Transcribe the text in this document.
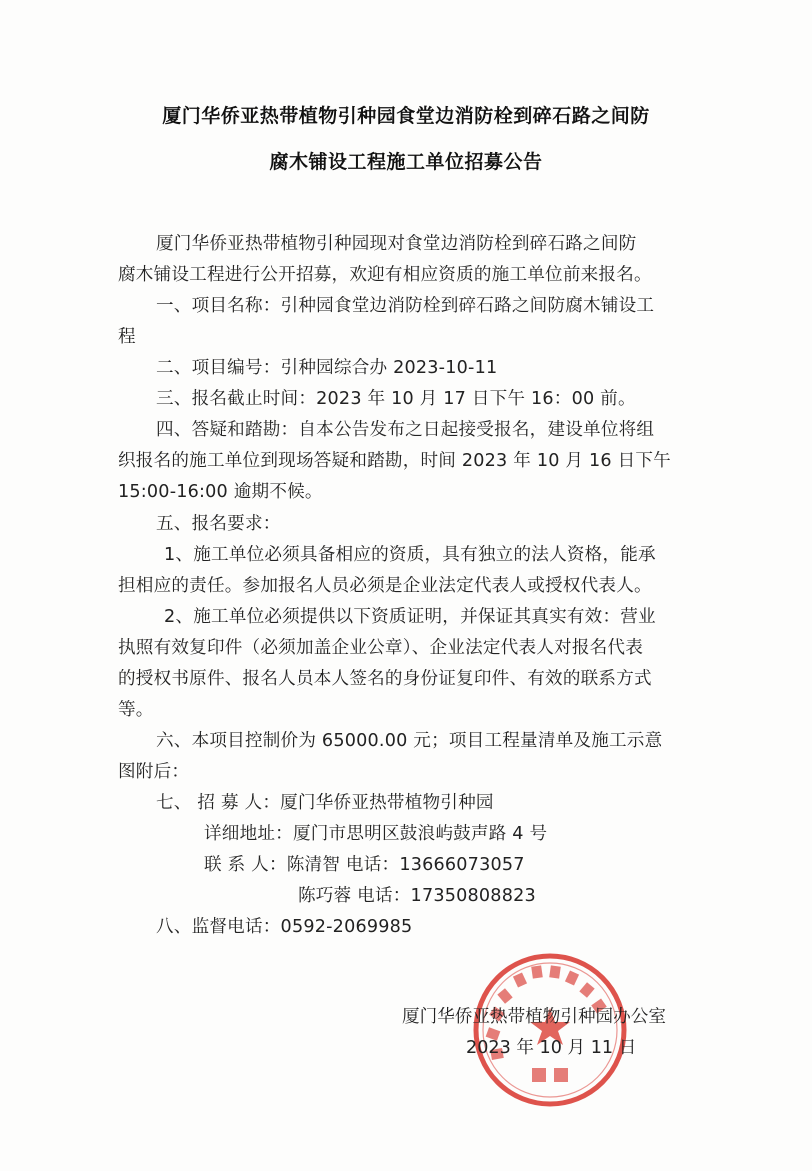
厦门华侨亚热带植物引种园食堂边消防栓到碎石路之间防
腐木铺设工程施工单位招募公告
厦门华侨亚热带植物引种园现对食堂边消防栓到碎石路之间防
腐木铺设工程进行公开招募，欢迎有相应资质的施工单位前来报名。
一、项目名称：引种园食堂边消防栓到碎石路之间防腐木铺设工
程
二、项目编号：引种园综合办 2023-10-11
三、报名截止时间：2023 年 10 月 17 日下午 16：00 前。
四、答疑和踏勘：自本公告发布之日起接受报名，建设单位将组
织报名的施工单位到现场答疑和踏勘，时间 2023 年 10 月 16 日下午
15:00-16:00 逾期不候。
五、报名要求：
1、施工单位必须具备相应的资质，具有独立的法人资格，能承
担相应的责任。参加报名人员必须是企业法定代表人或授权代表人。
2、施工单位必须提供以下资质证明，并保证其真实有效：营业
执照有效复印件（必须加盖企业公章）、企业法定代表人对报名代表
的授权书原件、报名人员本人签名的身份证复印件、有效的联系方式
等。
六、本项目控制价为 65000.00 元；项目工程量清单及施工示意
图附后：
七、 招 募 人：厦门华侨亚热带植物引种园
详细地址：厦门市思明区鼓浪屿鼓声路 4 号
联 系 人：陈清智 电话：13666073057
陈巧蓉 电话：17350808823
八、监督电话：0592-2069985
厦门华侨亚热带植物引种园办公室
2023 年 10 月 11 日
